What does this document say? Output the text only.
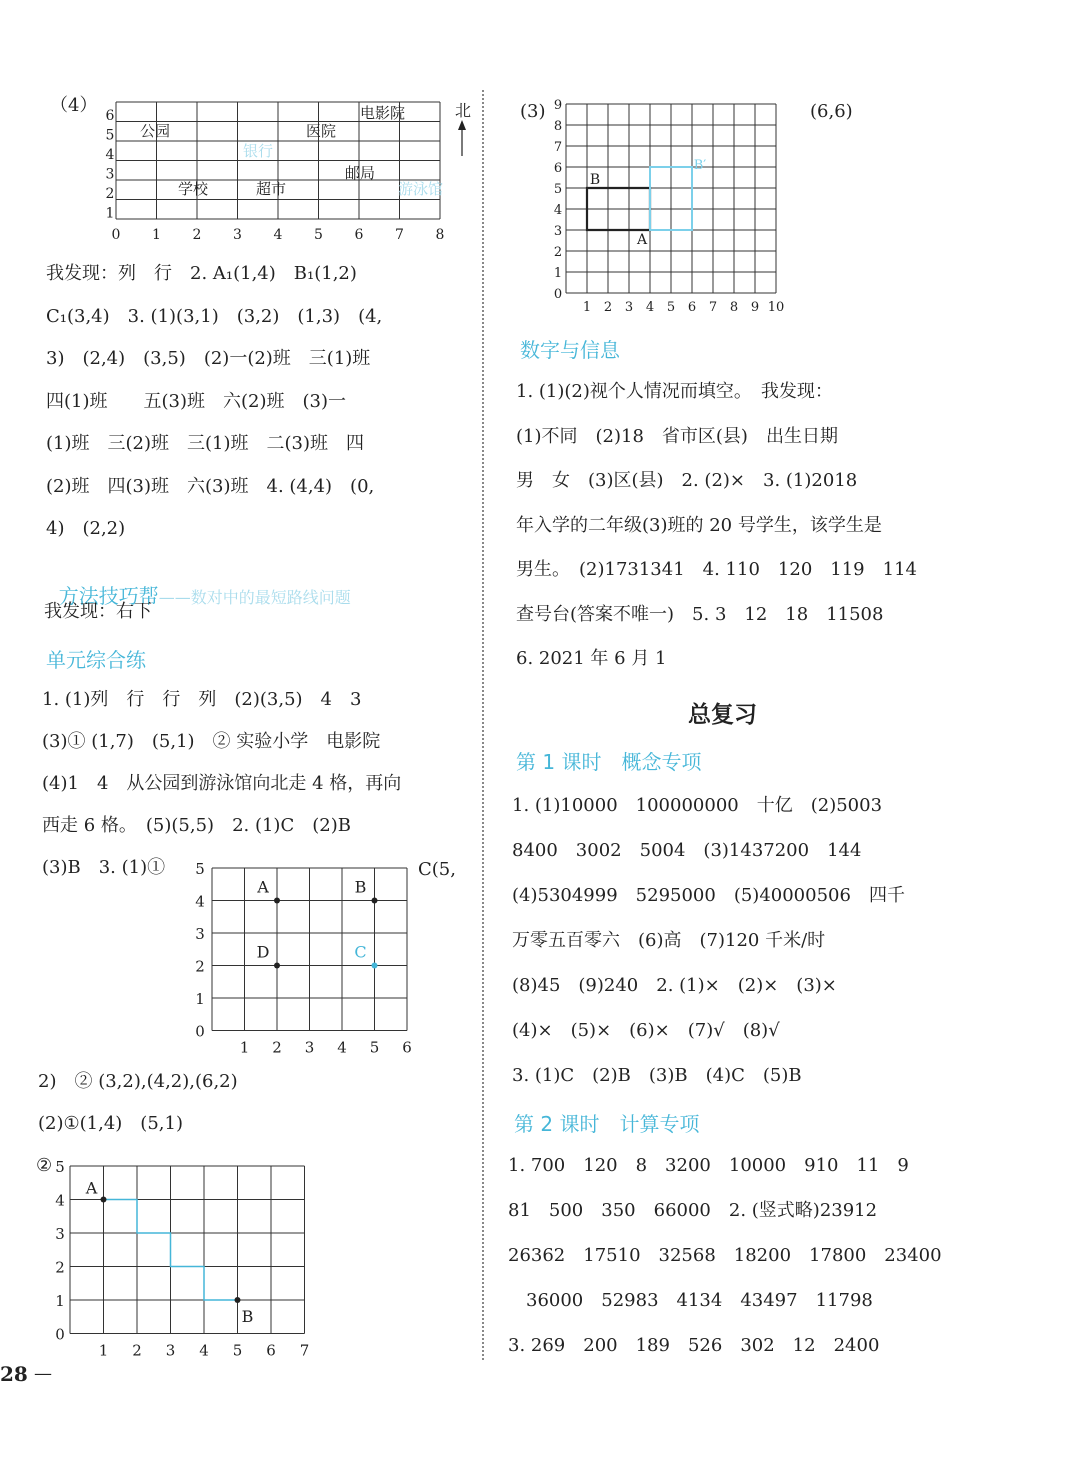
（4）
0 1 2 3 4 5 6 7 8
1
2
3
4
5
6	电影院
公园	医院
银行
邮局
学校	超市	游泳馆
北
我发现：列　行　2. A₁(1,4)　B₁(1,2)
C₁(3,4)　3. (1)(3,1)　(3,2)　(1,3)　(4,
3)　(2,4)　(3,5)　(2)一(2)班　三(1)班
四(1)班　　五(3)班　六(2)班　(3)一
(1)班　三(2)班　三(1)班　二(3)班　四
(2)班　四(3)班　六(3)班　4. (4,4)　(0,
4)　(2,2)

方法技巧帮——数对中的最短路线问题

我发现：右下
单元综合练
1. (1)列　行　行　列　(2)(3,5)　4　3
(3)① (1,7)　(5,1)　② 实验小学　电影院
(4)1　4　从公园到游泳馆向北走 4 格，再向
西走 6 格。　(5)(5,5)　2. (1)C　(2)B
(3)B　3. (1)①	C(5,
0
1
2
3
4
5
1 2 3 4 5 6
A	B
D	C
2)　② (3,2),(4,2),(6,2)
(2)①(1,4)　(5,1)
②
0
1
2
3
4
5
1 2 3 4 5 6 7
A
B
28 —
(3)	(6,6)
0
1
2
3
4
5
6
7
8
9
1 2 3 4 5 6 7 8 9 10
B
A
B′
数字与信息
1. (1)(2)视个人情况而填空。　我发现：
(1)不同　(2)18　省市区(县)　出生日期
男　女　(3)区(县)　2. (2)×　3. (1)2018
年入学的二年级(3)班的 20 号学生，该学生是
男生。　(2)1731341　4. 110　120　119　114
查号台(答案不唯一)　5. 3　12　18　11508
6. 2021 年 6 月 1
总复习
第 1 课时　概念专项
1. (1)10000　100000000　十亿　(2)5003
8400　3002　5004　(3)1437200　144
(4)5304999　5295000　(5)40000506　四千
万零五百零六　(6)高　(7)120 千米/时
(8)45　(9)240　2. (1)×　(2)×　(3)×
(4)×　(5)×　(6)×　(7)√　(8)√
3. (1)C　(2)B　(3)B　(4)C　(5)B
第 2 课时　计算专项
1. 700　120　8　3200　10000　910　11　9
81　500　350　66000　2. (竖式略)23912
26362　17510　32568　18200　17800　23400
　36000　52983　4134　43497　11798
3. 269　200　189　526　302　12　2400
